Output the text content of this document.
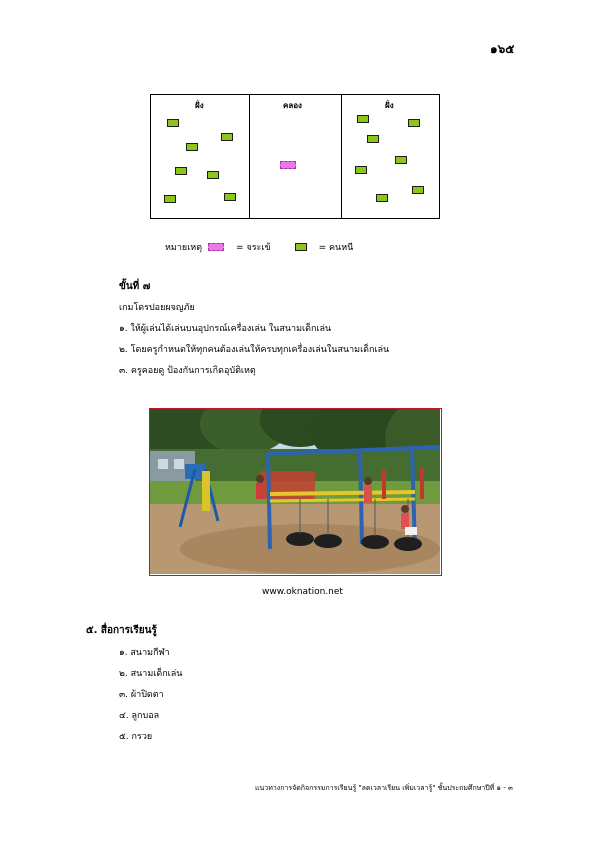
๑๖๕
ฝั่ง	คลอง	ฝั่ง
หมายเหตุ	= จระเข้	= คนหนี
ขั้นที่ ๗
เกมโดรปอยผจญภัย
๑. ให้ผู้เล่นได้เล่นบนอุปกรณ์เครื่องเล่น ในสนามเด็กเล่น
๒. โดยครูกำหนดให้ทุกคนต้องเล่นให้ครบทุกเครื่องเล่นในสนามเด็กเล่น
๓. ครูคอยดู ป้องกันการเกิดอุบัติเหตุ
www.oknation.net
๕. สื่อการเรียนรู้
๑. สนามกีฬา
๒. สนามเด็กเล่น
๓. ผ้าปิดตา
๔. ลูกบอล
๕. กรวย
แนวทางการจัดกิจกรรมการเรียนรู้ "ลดเวลาเรียน เพิ่มเวลารู้" ชั้นประถมศึกษาปีที่ ๑ - ๓
